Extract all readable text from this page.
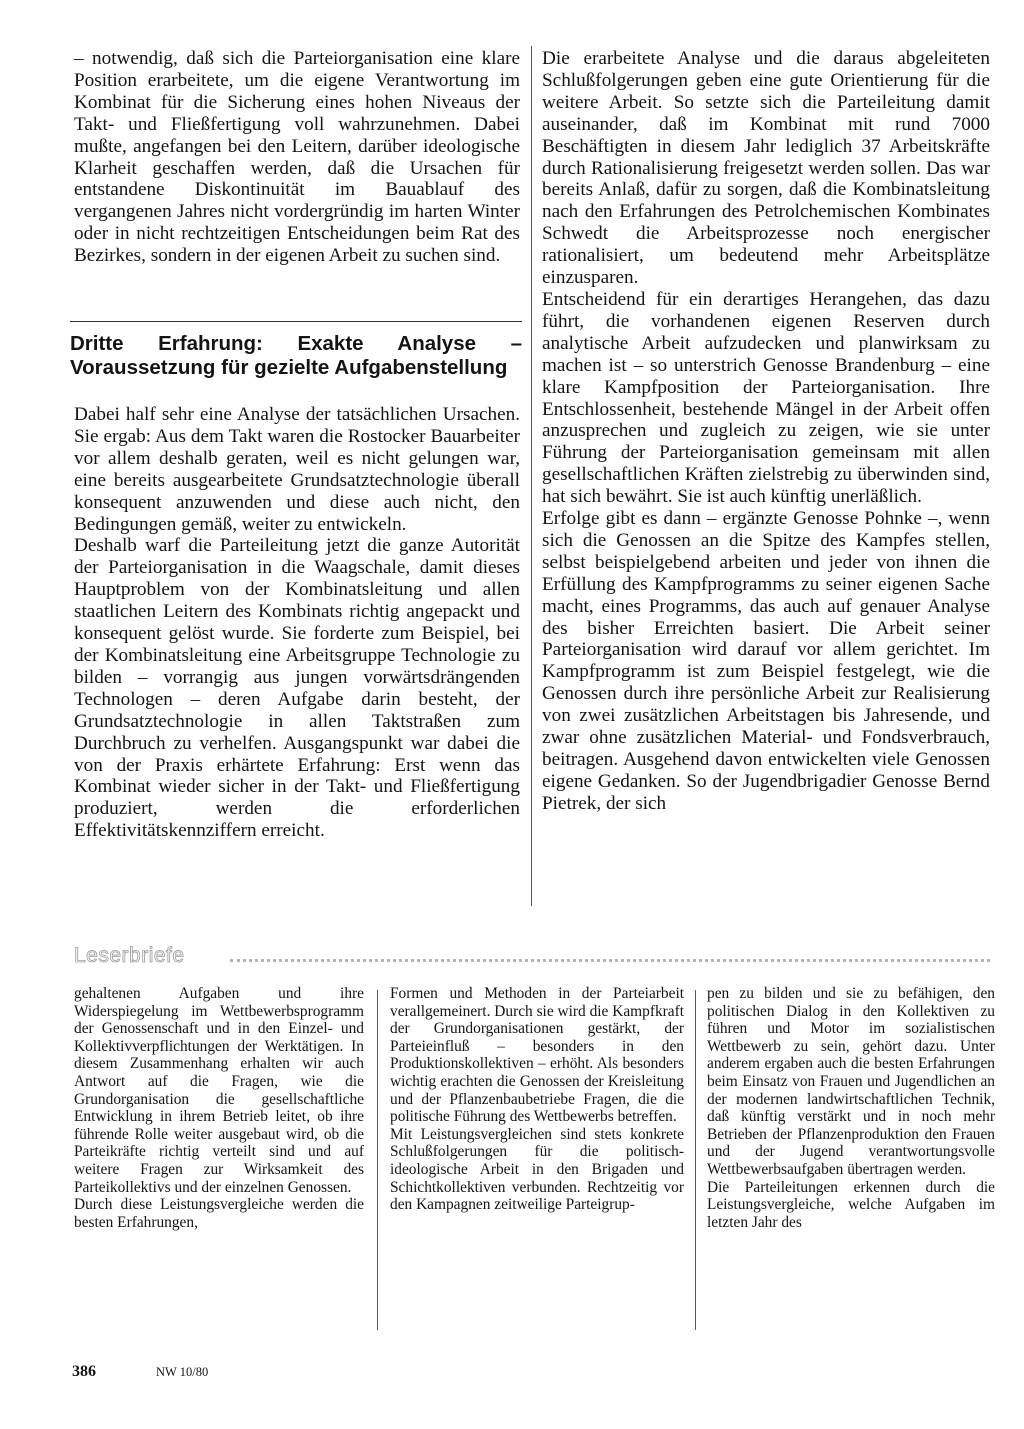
– notwendig, daß sich die Parteiorganisation eine klare Position erarbeitete, um die eigene Verantwortung im Kombinat für die Sicherung eines hohen Niveaus der Takt- und Fließfertigung voll wahrzunehmen. Dabei mußte, angefangen bei den Leitern, darüber ideologische Klarheit geschaffen werden, daß die Ursachen für entstandene Diskontinuität im Bauablauf des vergangenen Jahres nicht vordergründig im harten Winter oder in nicht rechtzeitigen Entscheidungen beim Rat des Bezirkes, sondern in der eigenen Arbeit zu suchen sind.

Dritte Erfahrung: Exakte Analyse – Voraussetzung für gezielte Aufgabenstellung

Dabei half sehr eine Analyse der tatsächlichen Ursachen. Sie ergab: Aus dem Takt waren die Rostocker Bauarbeiter vor allem deshalb geraten, weil es nicht gelungen war, eine bereits ausgearbeitete Grundsatztechnologie überall konsequent anzuwenden und diese auch nicht, den Bedingungen gemäß, weiter zu entwickeln.

Deshalb warf die Parteileitung jetzt die ganze Autorität der Parteiorganisation in die Waagschale, damit dieses Hauptproblem von der Kombinatsleitung und allen staatlichen Leitern des Kombinats richtig angepackt und konsequent gelöst wurde. Sie forderte zum Beispiel, bei der Kombinatsleitung eine Arbeitsgruppe Technologie zu bilden – vorrangig aus jungen vorwärtsdrängenden Technologen – deren Aufgabe darin besteht, der Grundsatztechnologie in allen Taktstraßen zum Durchbruch zu verhelfen. Ausgangspunkt war dabei die von der Praxis erhärtete Erfahrung: Erst wenn das Kombinat wieder sicher in der Takt- und Fließfertigung produziert, werden die erforderlichen Effektivitätskennziffern erreicht.

Die erarbeitete Analyse und die daraus abgeleiteten Schlußfolgerungen geben eine gute Orientierung für die weitere Arbeit. So setzte sich die Parteileitung damit auseinander, daß im Kombinat mit rund 7000 Beschäftigten in diesem Jahr lediglich 37 Arbeitskräfte durch Rationalisierung freigesetzt werden sollen. Das war bereits Anlaß, dafür zu sorgen, daß die Kombinatsleitung nach den Erfahrungen des Petrolchemischen Kombinates Schwedt die Arbeitsprozesse noch energischer rationalisiert, um bedeutend mehr Arbeitsplätze einzusparen.

Entscheidend für ein derartiges Herangehen, das dazu führt, die vorhandenen eigenen Reserven durch analytische Arbeit aufzudecken und planwirksam zu machen ist – so unterstrich Genosse Brandenburg – eine klare Kampfposition der Parteiorganisation. Ihre Entschlossenheit, bestehende Mängel in der Arbeit offen anzusprechen und zugleich zu zeigen, wie sie unter Führung der Parteiorganisation gemeinsam mit allen gesellschaftlichen Kräften zielstrebig zu überwinden sind, hat sich bewährt. Sie ist auch künftig unerläßlich.

Erfolge gibt es dann – ergänzte Genosse Pohnke –, wenn sich die Genossen an die Spitze des Kampfes stellen, selbst beispielgebend arbeiten und jeder von ihnen die Erfüllung des Kampfprogramms zu seiner eigenen Sache macht, eines Programms, das auch auf genauer Analyse des bisher Erreichten basiert. Die Arbeit seiner Parteiorganisation wird darauf vor allem gerichtet. Im Kampfprogramm ist zum Beispiel festgelegt, wie die Genossen durch ihre persönliche Arbeit zur Realisierung von zwei zusätzlichen Arbeitstagen bis Jahresende, und zwar ohne zusätzlichen Material- und Fondsverbrauch, beitragen. Ausgehend davon entwickelten viele Genossen eigene Gedanken. So der Jugendbrigadier Genosse Bernd Pietrek, der sich

Leserbriefe

gehaltenen Aufgaben und ihre Widerspiegelung im Wettbewerbsprogramm der Genossenschaft und in den Einzel- und Kollektivverpflichtungen der Werktätigen. In diesem Zusammenhang erhalten wir auch Antwort auf die Fragen, wie die Grundorganisation die gesellschaftliche Entwicklung in ihrem Betrieb leitet, ob ihre führende Rolle weiter ausgebaut wird, ob die Parteikräfte richtig verteilt sind und auf weitere Fragen zur Wirksamkeit des Parteikollektivs und der einzelnen Genossen.

Durch diese Leistungsvergleiche werden die besten Erfahrungen,

Formen und Methoden in der Parteiarbeit verallgemeinert. Durch sie wird die Kampfkraft der Grundorganisationen gestärkt, der Parteieinfluß – besonders in den Produktionskollektiven – erhöht. Als besonders wichtig erachten die Genossen der Kreisleitung und der Pflanzenbaubetriebe Fragen, die die politische Führung des Wettbewerbs betreffen.

Mit Leistungsvergleichen sind stets konkrete Schlußfolgerungen für die politisch-ideologische Arbeit in den Brigaden und Schichtkollektiven verbunden. Rechtzeitig vor den Kampagnen zeitweilige Parteigrup-

pen zu bilden und sie zu befähigen, den politischen Dialog in den Kollektiven zu führen und Motor im sozialistischen Wettbewerb zu sein, gehört dazu. Unter anderem ergaben auch die besten Erfahrungen beim Einsatz von Frauen und Jugendlichen an der modernen landwirtschaftlichen Technik, daß künftig verstärkt und in noch mehr Betrieben der Pflanzenproduktion den Frauen und der Jugend verantwortungsvolle Wettbewerbsaufgaben übertragen werden.

Die Parteileitungen erkennen durch die Leistungsvergleiche, welche Aufgaben im letzten Jahr des

386	NW 10/80
